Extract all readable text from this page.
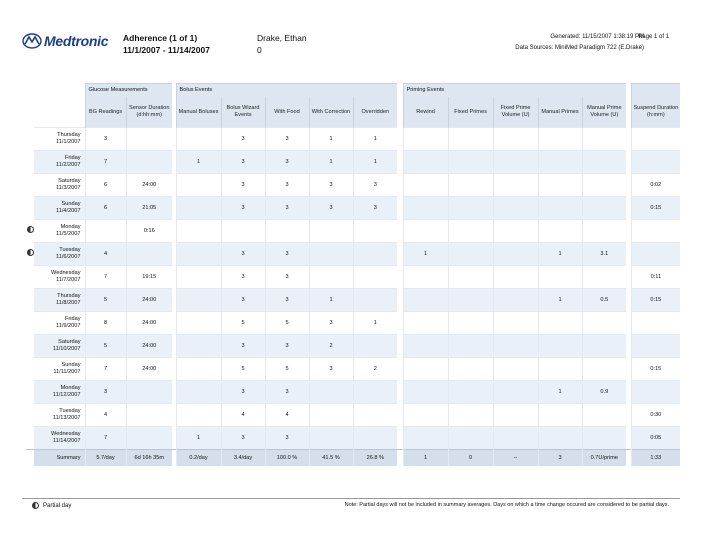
Medtronic Adherence (1 of 1)
11/1/2007 - 11/14/2007
Drake, Ethan
0
Generated: 11/15/2007 1:38:19 PM
Data Sources: MiniMed Paradigm 722 (E.Drake)
Page 1 of 1
		Glucose Measurements			Bolus Events						Priming Events						
		BG Readings	Sensor Duration (d:hh:mm)		Manual Boluses	Bolus Wizard Events	With Food	With Correction	Overridden		Rewind	Fixed Primes	Fixed Prime Volume (U)	Manual Primes	Manual Prime Volume (U)		Suspend Duration (h:mm)

	Thursday
11/1/2007	3				3	3	1	1								

	Friday
11/2/2007	7			1	3	3	1	1								

	Saturday
11/3/2007	6	24:00			3	3	3	3								0:02

	Sunday
11/4/2007	6	21:05			3	3	3	3								0:15

	Monday
11/5/2007		0:16														

	Tuesday
11/6/2007	4				3	3				1			1	3.1		

	Wednesday
11/7/2007	7	19:15			3	3										0:11

	Thursday
11/8/2007	5	24:00			3	3	1						1	0.5		0:15

	Friday
11/9/2007	8	24:00			5	5	3	1								

	Saturday
11/10/2007	5	24:00			3	3	2									

	Sunday
11/11/2007	7	24:00			5	5	3	2								0:15

	Monday
11/12/2007	3				3	3							1	0.9		

	Tuesday
11/13/2007	4				4	4										0:30

	Wednesday
11/14/2007	7			1	3	3										0:05
	Summary	5.7/day	6d 16h 35m		0.2/day	3.4/day	100.0 %	41.5 %	26.8 %		1	0	--	3	0.7U/prime		1:33
Partial day	Note: Partial days will not be included in summary averages. Days on which a time change occured are considered to be partial days.
